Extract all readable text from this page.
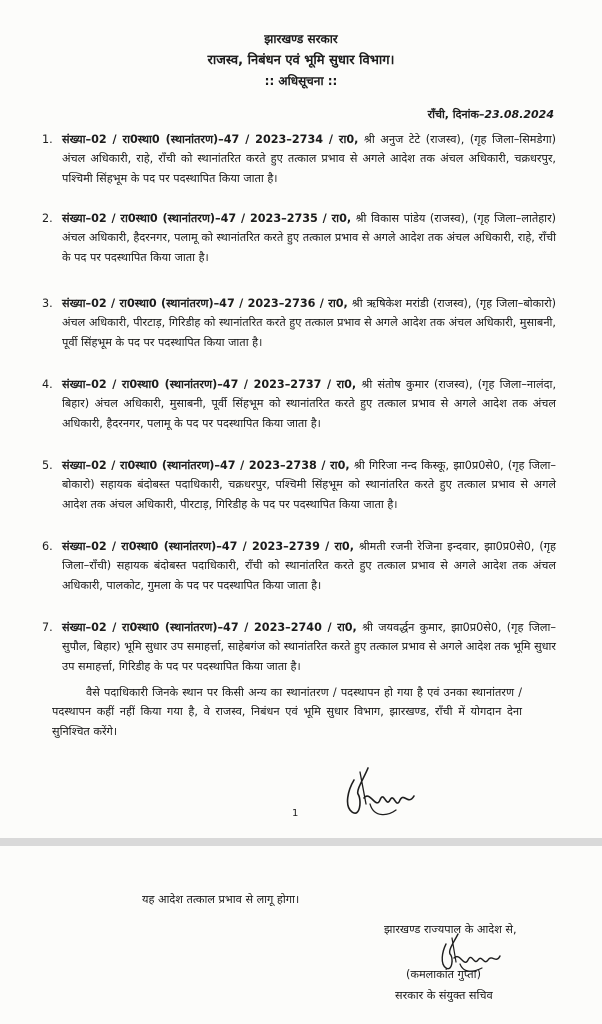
झारखण्ड सरकार
राजस्व, निबंधन एवं भूमि सुधार विभाग।
:: अधिसूचना ::
राँची, दिनांक–23.08.2024
1. संख्या–02 / रा0स्था0 (स्थानांतरण)–47 / 2023–2734 / रा0, श्री अनुज टेटे (राजस्व), (गृह जिला–सिमडेगा) अंचल अधिकारी, राहे, राँची को स्थानांतरित करते हुए तत्काल प्रभाव से अगले आदेश तक अंचल अधिकारी, चक्रधरपुर, पश्चिमी सिंहभूम के पद पर पदस्थापित किया जाता है।
2. संख्या–02 / रा0स्था0 (स्थानांतरण)–47 / 2023–2735 / रा0, श्री विकास पांडेय (राजस्व), (गृह जिला–लातेहार) अंचल अधिकारी, हैदरनगर, पलामू को स्थानांतरित करते हुए तत्काल प्रभाव से अगले आदेश तक अंचल अधिकारी, राहे, राँची के पद पर पदस्थापित किया जाता है।
3. संख्या–02 / रा0स्था0 (स्थानांतरण)–47 / 2023–2736 / रा0, श्री ऋषिकेश मरांडी (राजस्व), (गृह जिला–बोकारो) अंचल अधिकारी, पीरटाड़, गिरिडीह को स्थानांतरित करते हुए तत्काल प्रभाव से अगले आदेश तक अंचल अधिकारी, मुसाबनी, पूर्वी सिंहभूम के पद पर पदस्थापित किया जाता है।
4. संख्या–02 / रा0स्था0 (स्थानांतरण)–47 / 2023–2737 / रा0, श्री संतोष कुमार (राजस्व), (गृह जिला–नालंदा, बिहार) अंचल अधिकारी, मुसाबनी, पूर्वी सिंहभूम को स्थानांतरित करते हुए तत्काल प्रभाव से अगले आदेश तक अंचल अधिकारी, हैदरनगर, पलामू के पद पर पदस्थापित किया जाता है।
5. संख्या–02 / रा0स्था0 (स्थानांतरण)–47 / 2023–2738 / रा0, श्री गिरिजा नन्द किस्कू, झा0प्र0से0, (गृह जिला–बोकारो) सहायक बंदोबस्त पदाधिकारी, चक्रधरपुर, पश्चिमी सिंहभूम को स्थानांतरित करते हुए तत्काल प्रभाव से अगले आदेश तक अंचल अधिकारी, पीरटाड़, गिरिडीह के पद पर पदस्थापित किया जाता है।
6. संख्या–02 / रा0स्था0 (स्थानांतरण)–47 / 2023–2739 / रा0, श्रीमती रजनी रेजिना इन्दवार, झा0प्र0से0, (गृह जिला–राँची) सहायक बंदोबस्त पदाधिकारी, राँची को स्थानांतरित करते हुए तत्काल प्रभाव से अगले आदेश तक अंचल अधिकारी, पालकोट, गुमला के पद पर पदस्थापित किया जाता है।
7. संख्या–02 / रा0स्था0 (स्थानांतरण)–47 / 2023–2740 / रा0, श्री जयवर्द्धन कुमार, झा0प्र0से0, (गृह जिला–सुपौल, बिहार) भूमि सुधार उप समाहर्त्ता, साहेबगंज को स्थानांतरित करते हुए तत्काल प्रभाव से अगले आदेश तक भूमि सुधार उप समाहर्त्ता, गिरिडीह के पद पर पदस्थापित किया जाता है।
वैसे पदाधिकारी जिनके स्थान पर किसी अन्य का स्थानांतरण / पदस्थापन हो गया है एवं उनका स्थानांतरण / पदस्थापन कहीं नहीं किया गया है, वे राजस्व, निबंधन एवं भूमि सुधार विभाग, झारखण्ड, राँची में योगदान देना सुनिश्चित करेंगे।
1
यह आदेश तत्काल प्रभाव से लागू होगा।
झारखण्ड राज्यपाल के आदेश से,
(कमलाकांत गुप्ता)
सरकार के संयुक्त सचिव
